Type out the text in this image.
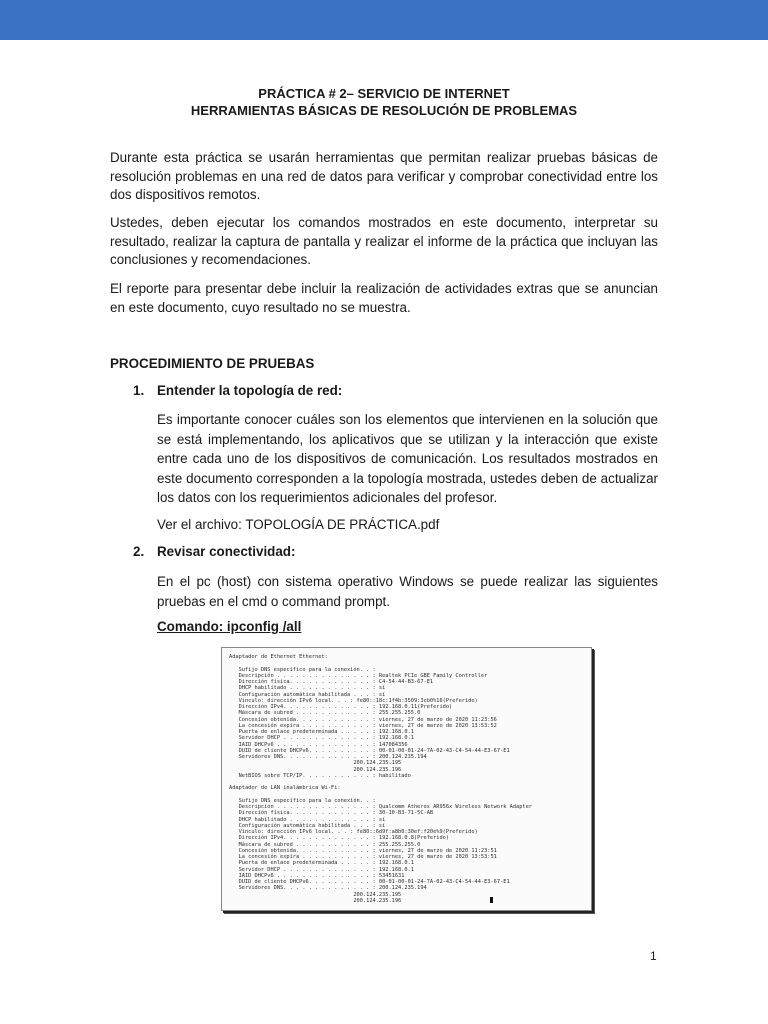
PRÁCTICA # 2– SERVICIO DE INTERNET
HERRAMIENTAS BÁSICAS DE RESOLUCIÓN DE PROBLEMAS
Durante esta práctica se usarán herramientas que permitan realizar pruebas básicas de resolución problemas en una red de datos para verificar y comprobar conectividad entre los dos dispositivos remotos.
Ustedes, deben ejecutar los comandos mostrados en este documento, interpretar su resultado, realizar la captura de pantalla y realizar el informe de la práctica que incluyan las conclusiones y recomendaciones.
El reporte para presentar debe incluir la realización de actividades extras que se anuncian en este documento, cuyo resultado no se muestra.
PROCEDIMIENTO DE PRUEBAS
1. Entender la topología de red:
Es importante conocer cuáles son los elementos que intervienen en la solución que se está implementando, los aplicativos que se utilizan y la interacción que existe entre cada uno de los dispositivos de comunicación. Los resultados mostrados en este documento corresponden a la topología mostrada, ustedes deben de actualizar los datos con los requerimientos adicionales del profesor.
Ver el archivo: TOPOLOGÍA DE PRÁCTICA.pdf
2. Revisar conectividad:
En el pc (host) con sistema operativo Windows se puede realizar las siguientes pruebas en el cmd o command prompt.
Comando: ipconfig /all
Adaptador de Ethernet Ethernet:

Sufijo DNS específico para la conexión. . :
Descripción . . . . . . . . . . . . . . . : Realtek PCIe GBE Family Controller
Dirección física. . . . . . . . . . . . . : C4-54-44-B3-67-E1
DHCP habilitado . . . . . . . . . . . . . : sí
Configuración automática habilitada . . . : sí
Vínculo: dirección IPv6 local. . . : fe80::18c:1f4b:3509:3cb0%16(Preferido)
Dirección IPv4. . . . . . . . . . . . . . : 192.168.0.11(Preferido)
Máscara de subred . . . . . . . . . . . . : 255.255.255.0
Concesión obtenida. . . . . . . . . . . . : viernes, 27 de marzo de 2020 11:23:56
La concesión expira . . . . . . . . . . . : viernes, 27 de marzo de 2020 13:53:52
Puerta de enlace predeterminada . . . . . : 192.168.0.1
Servidor DHCP . . . . . . . . . . . . . . : 192.168.0.1
IAID DHCPv6 . . . . . . . . . . . . . . . : 147084356
DUID de cliente DHCPv6. . . . . . . . . . : 00-01-00-01-24-7A-02-43-C4-54-44-E3-67-E1
Servidores DNS. . . . . . . . . . . . . . : 200.124.235.194
200.124.235.195
200.124.235.196
NetBIOS sobre TCP/IP. . . . . . . . . . . : habilitado

Adaptador de LAN inalámbrica Wi-Fi:

Sufijo DNS específico para la conexión. . :
Descripción . . . . . . . . . . . . . . . : Qualcomm Atheros AR956x Wireless Network Adapter
Dirección física. . . . . . . . . . . . . : 30-10-B3-71-5C-AB
DHCP habilitado . . . . . . . . . . . . . : sí
Configuración automática habilitada . . . : sí
Vínculo: dirección IPv6 local. . . : fe80::6d9f:a8b0:30ef:f20e%9(Preferido)
Dirección IPv4. . . . . . . . . . . . . . : 192.168.0.8(Preferido)
Máscara de subred . . . . . . . . . . . . : 255.255.255.0
Concesión obtenida. . . . . . . . . . . . : viernes, 27 de marzo de 2020 11:23:51
La concesión expira . . . . . . . . . . . : viernes, 27 de marzo de 2020 13:53:51
Puerta de enlace predeterminada . . . . . : 192.168.0.1
Servidor DHCP . . . . . . . . . . . . . . : 192.168.0.1
IAID DHCPv6 . . . . . . . . . . . . . . . : 53451631
DUID de cliente DHCPv6. . . . . . . . . . : 00-01-00-01-24-7A-02-43-C4-54-44-E3-67-E1
Servidores DNS. . . . . . . . . . . . . . : 200.124.235.194
200.124.235.195
200.124.235.196
1
